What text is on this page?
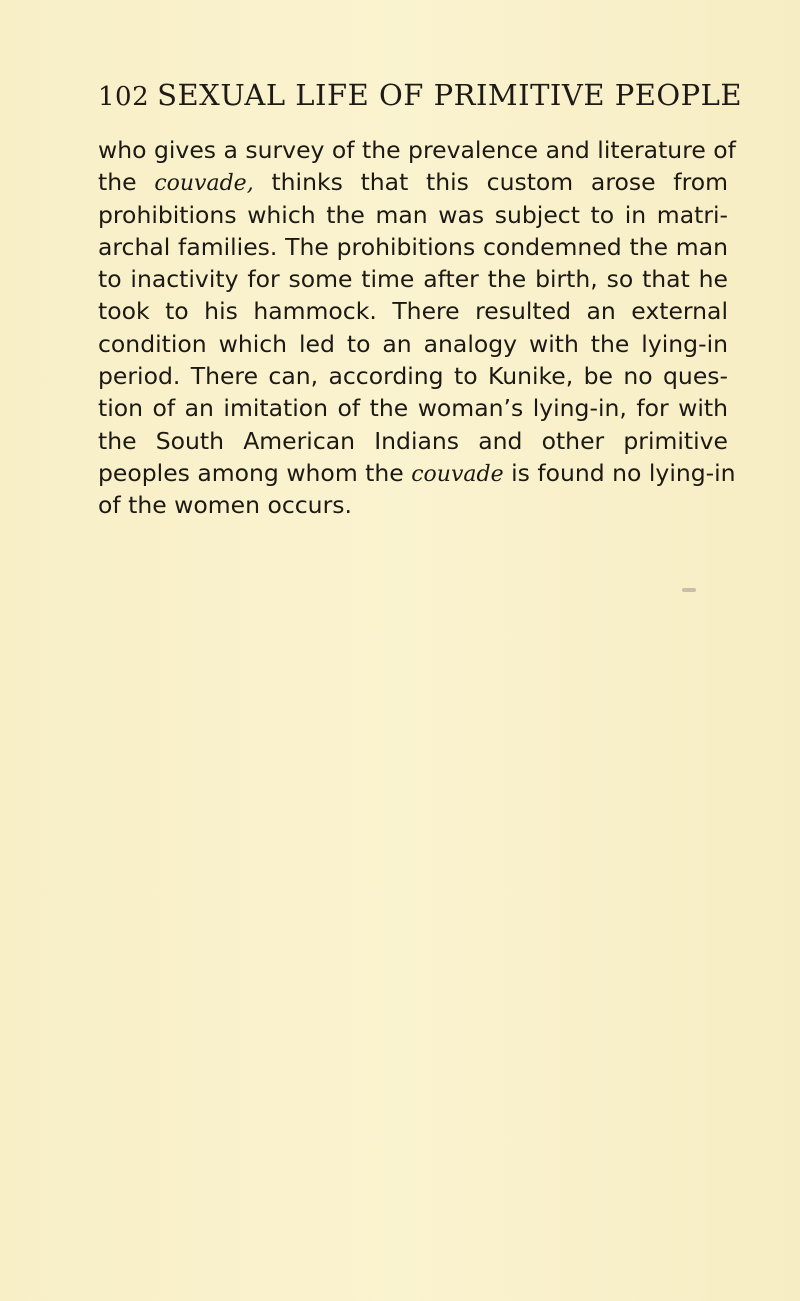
102 SEXUAL LIFE OF PRIMITIVE PEOPLE
who gives a survey of the prevalence and literature of
the couvade, thinks that this custom arose from
prohibitions which the man was subject to in matri-
archal families. The prohibitions condemned the man
to inactivity for some time after the birth, so that he
took to his hammock. There resulted an external
condition which led to an analogy with the lying-in
period. There can, according to Kunike, be no ques-
tion of an imitation of the woman’s lying-in, for with
the South American Indians and other primitive
peoples among whom the couvade is found no lying-in
of the women occurs.
